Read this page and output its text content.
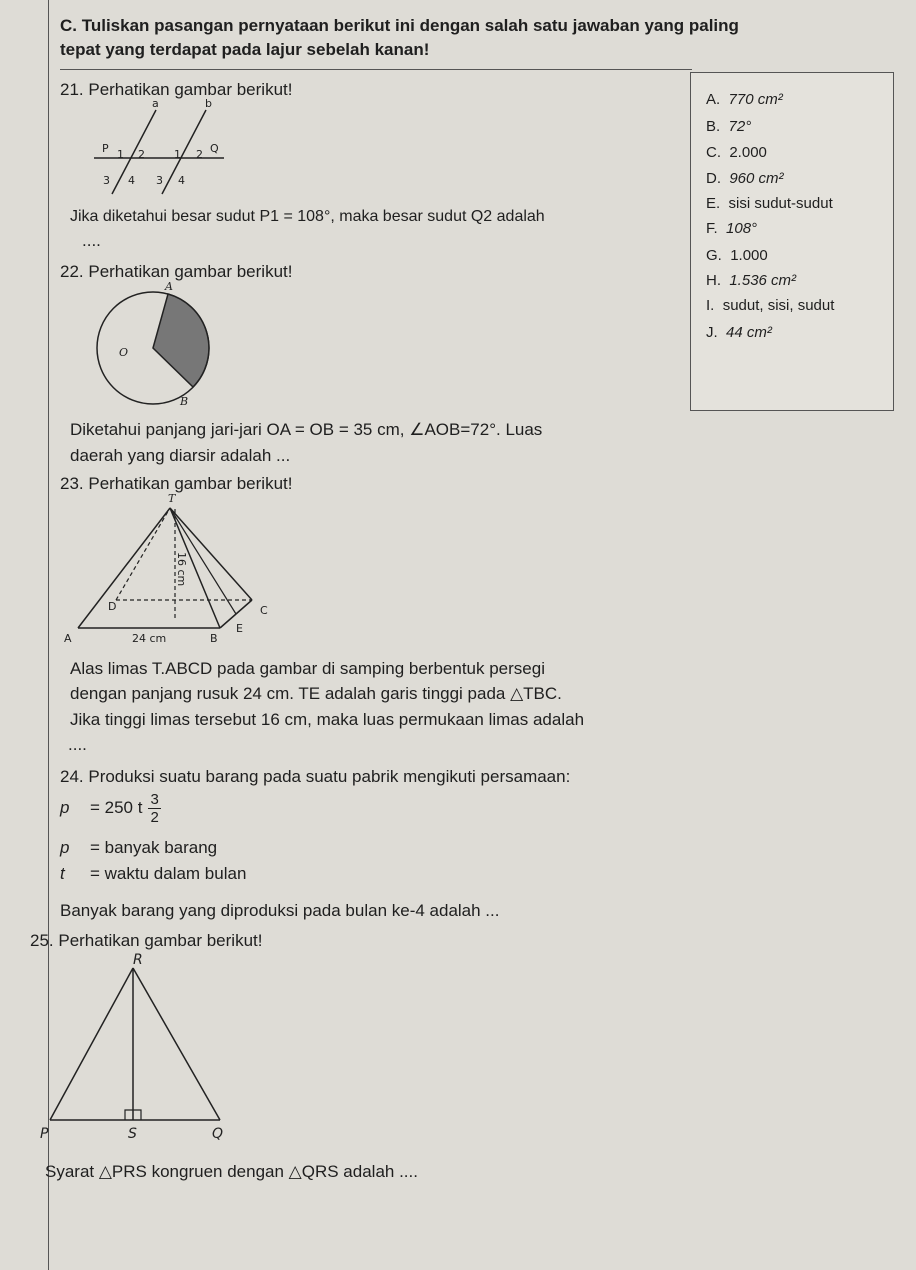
C. Tuliskan pasangan pernyataan berikut ini dengan salah satu jawaban yang paling
tepat yang terdapat pada lajur sebelah kanan!
A. 770 cm²
B. 72°
C. 2.000
D. 960 cm²
E. sisi sudut-sudut
F. 108°
G. 1.000
H. 1.536 cm²
I. sudut, sisi, sudut
J. 44 cm²
21. Perhatikan gambar berikut!
a	b
P 1 2
3 4
1 2 Q
3 4
Jika diketahui besar sudut P1 = 108°, maka besar sudut Q2 adalah
....
22. Perhatikan gambar berikut!
A
O
B
Diketahui panjang jari-jari OA = OB = 35 cm, ∠AOB=72°. Luas
daerah yang diarsir adalah ...
23. Perhatikan gambar berikut!
T
16 cm
D	C
A	24 cm	B
E
Alas limas T.ABCD pada gambar di samping berbentuk persegi
dengan panjang rusuk 24 cm. TE adalah garis tinggi pada △TBC.
Jika tinggi limas tersebut 16 cm, maka luas permukaan limas adalah
....
24. Produksi suatu barang pada suatu pabrik mengikuti persamaan:
p	= 250 t $\frac{3}{2}$
p = banyak barang
t = waktu dalam bulan
Banyak barang yang diproduksi pada bulan ke-4 adalah ...
25. Perhatikan gambar berikut!
R
P	S	Q
Syarat △PRS kongruen dengan △QRS adalah ....
